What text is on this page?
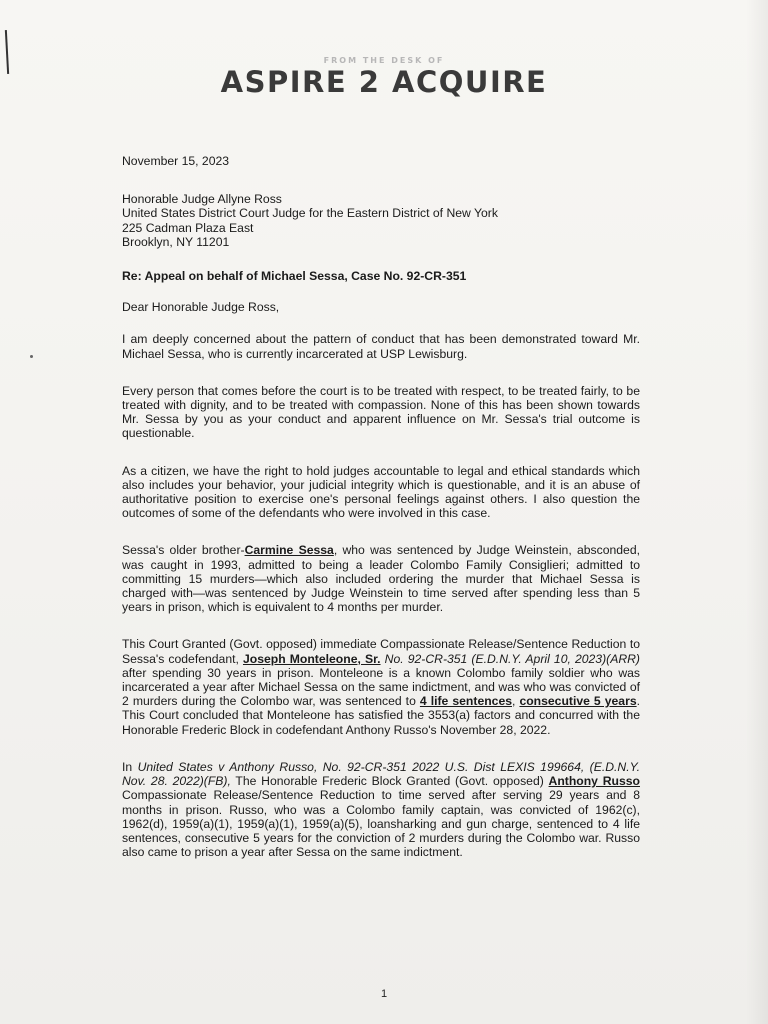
FROM THE DESK OF
ASPIRE 2 ACQUIRE

November 15, 2023

Honorable Judge Allyne Ross
United States District Court Judge for the Eastern District of New York
225 Cadman Plaza East
Brooklyn, NY 11201

Re: Appeal on behalf of Michael Sessa, Case No. 92-CR-351

Dear Honorable Judge Ross,

I am deeply concerned about the pattern of conduct that has been demonstrated toward Mr. Michael Sessa, who is currently incarcerated at USP Lewisburg.

Every person that comes before the court is to be treated with respect, to be treated fairly, to be treated with dignity, and to be treated with compassion. None of this has been shown towards Mr. Sessa by you as your conduct and apparent influence on Mr. Sessa's trial outcome is questionable.

As a citizen, we have the right to hold judges accountable to legal and ethical standards which also includes your behavior, your judicial integrity which is questionable, and it is an abuse of authoritative position to exercise one's personal feelings against others. I also question the outcomes of some of the defendants who were involved in this case.

Sessa's older brother-Carmine Sessa, who was sentenced by Judge Weinstein, absconded, was caught in 1993, admitted to being a leader Colombo Family Consiglieri; admitted to committing 15 murders—which also included ordering the murder that Michael Sessa is charged with—was sentenced by Judge Weinstein to time served after spending less than 5 years in prison, which is equivalent to 4 months per murder.

This Court Granted (Govt. opposed) immediate Compassionate Release/Sentence Reduction to Sessa's codefendant, Joseph Monteleone, Sr. No. 92-CR-351 (E.D.N.Y. April 10, 2023)(ARR) after spending 30 years in prison. Monteleone is a known Colombo family soldier who was incarcerated a year after Michael Sessa on the same indictment, and was who was convicted of 2 murders during the Colombo war, was sentenced to 4 life sentences, consecutive 5 years. This Court concluded that Monteleone has satisfied the 3553(a) factors and concurred with the Honorable Frederic Block in codefendant Anthony Russo's November 28, 2022.

In United States v Anthony Russo, No. 92-CR-351 2022 U.S. Dist LEXIS 199664, (E.D.N.Y. Nov. 28. 2022)(FB), The Honorable Frederic Block Granted (Govt. opposed) Anthony Russo Compassionate Release/Sentence Reduction to time served after serving 29 years and 8 months in prison. Russo, who was a Colombo family captain, was convicted of 1962(c), 1962(d), 1959(a)(1), 1959(a)(1), 1959(a)(5), loansharking and gun charge, sentenced to 4 life sentences, consecutive 5 years for the conviction of 2 murders during the Colombo war. Russo also came to prison a year after Sessa on the same indictment.

1
